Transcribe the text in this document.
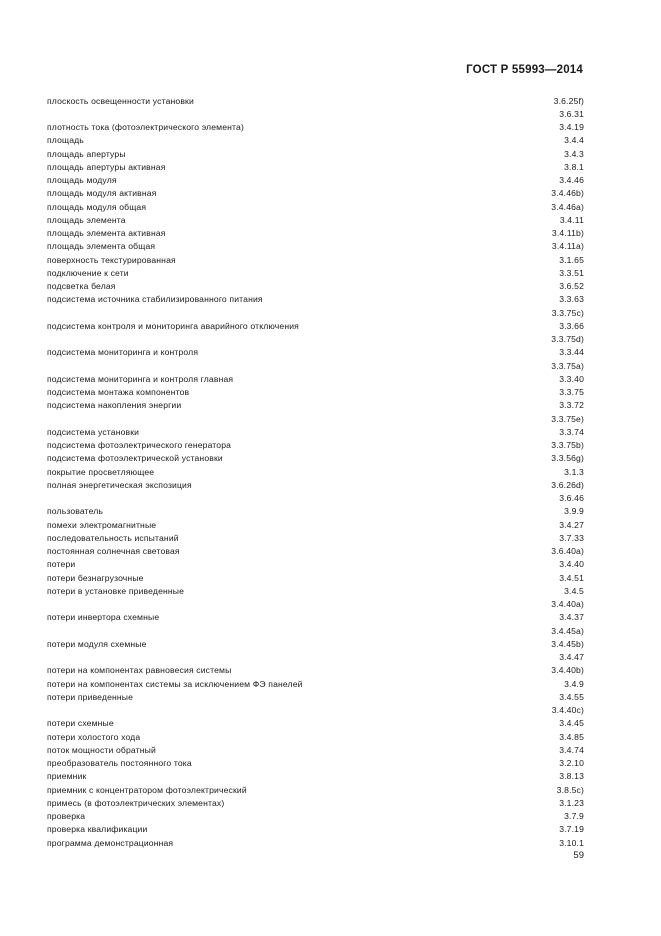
ГОСТ Р 55993—2014
плоскость освещенности установки	3.6.25f)
3.6.31
плотность тока (фотоэлектрического элемента)	3.4.19
площадь	3.4.4
площадь апертуры	3.4.3
площадь апертуры активная	3.8.1
площадь модуля	3.4.46
площадь модуля активная	3.4.46b)
площадь модуля общая	3.4.46a)
площадь элемента	3.4.11
площадь элемента активная	3.4.11b)
площадь элемента общая	3.4.11a)
поверхность текстурированная	3.1.65
подключение к сети	3.3.51
подсветка белая	3.6.52
подсистема источника стабилизированного питания	3.3.63
3.3.75c)
подсистема контроля и мониторинга аварийного отключения	3.3.66
3.3.75d)
подсистема мониторинга и контроля	3.3.44
3.3.75a)
подсистема мониторинга и контроля главная	3.3.40
подсистема монтажа компонентов	3.3.75
подсистема накопления энергии	3.3.72
3.3.75e)
подсистема установки	3.3.74
подсистема фотоэлектрического генератора	3.3.75b)
подсистема фотоэлектрической установки	3.3.56g)
покрытие просветляющее	3.1.3
полная энергетическая экспозиция	3.6.26d)
3.6.46
пользователь	3.9.9
помехи электромагнитные	3.4.27
последовательность испытаний	3.7.33
постоянная солнечная световая	3.6.40a)
потери	3.4.40
потери безнагрузочные	3.4.51
потери в установке приведенные	3.4.5
3.4.40a)
потери инвертора схемные	3.4.37
3.4.45a)
потери модуля схемные	3.4.45b)
3.4.47
потери на компонентах равновесия системы	3.4.40b)
потери на компонентах системы за исключением ФЭ панелей	3.4.9
потери приведенные	3.4.55
3.4.40c)
потери схемные	3.4.45
потери холостого хода	3.4.85
поток мощности обратный	3.4.74
преобразователь постоянного тока	3.2.10
приемник	3.8.13
приемник с концентратором фотоэлектрический	3.8.5c)
примесь (в фотоэлектрических элементах)	3.1.23
проверка	3.7.9
проверка квалификации	3.7.19
программа демонстрационная	3.10.1
59
